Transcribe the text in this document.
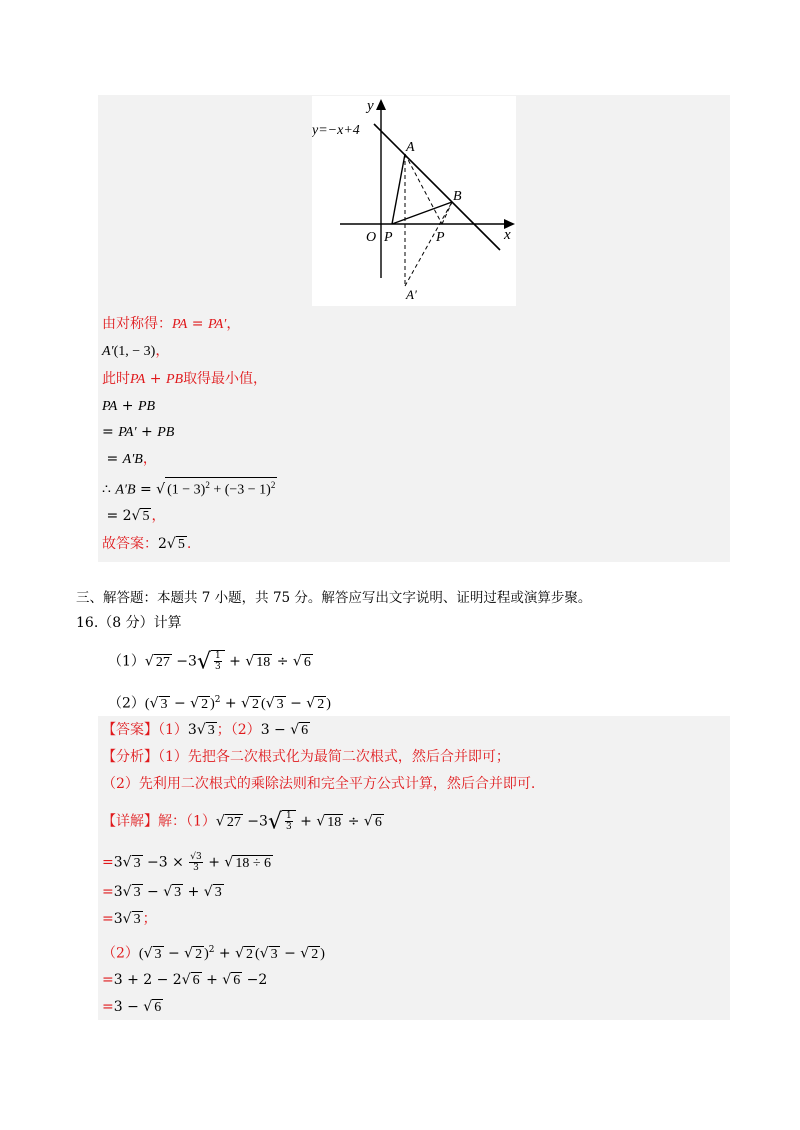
y=−x+4
y
x
O
A
B
P	P
A′
由对称得：PA = PA′，
A′(1, − 3)，
此时PA + PB取得最小值，
PA + PB
= PA′ + PB
= A′B，
∴ A′B = √ $(1 - 3)^2 + (-3 - 1)^2$
= 2√ 5 ，
故答案：2√ 5 .
三、解答题：本题共 7 小题，共 75 分。解答应写出文字说明、证明过程或演算步聚。
16.（8 分）计算
（1）√ $27 -3√ \frac{1}{3}$ + √ 18 ÷ √ 6
（2）(√ 3 − √ 2 )$^2$ + √ 2 (√ 3 − √ 2 )
【答案】（1）3√ 3 ；（2）3 − √ 6
【分析】（1）先把各二次根式化为最简二次根式，然后合并即可；
（2）先利用二次根式的乘除法则和完全平方公式计算，然后合并即可.
【详解】解：（1）√ $27 -3√ \frac{1}{3}$ + √ 18 ÷ √ 6
=3√ $3 -3 \times \frac{√3}{3}$ + √ 18 ÷ 6
=3√ 3 − √ 3 + √ 3
=3√ 3 ；
（2）(√ 3 − √ 2 )$^2$ + √ 2 (√ 3 − √ 2 )
=3 + 2 − 2√ 6 + √ 6 −2
=3 − √ 6
